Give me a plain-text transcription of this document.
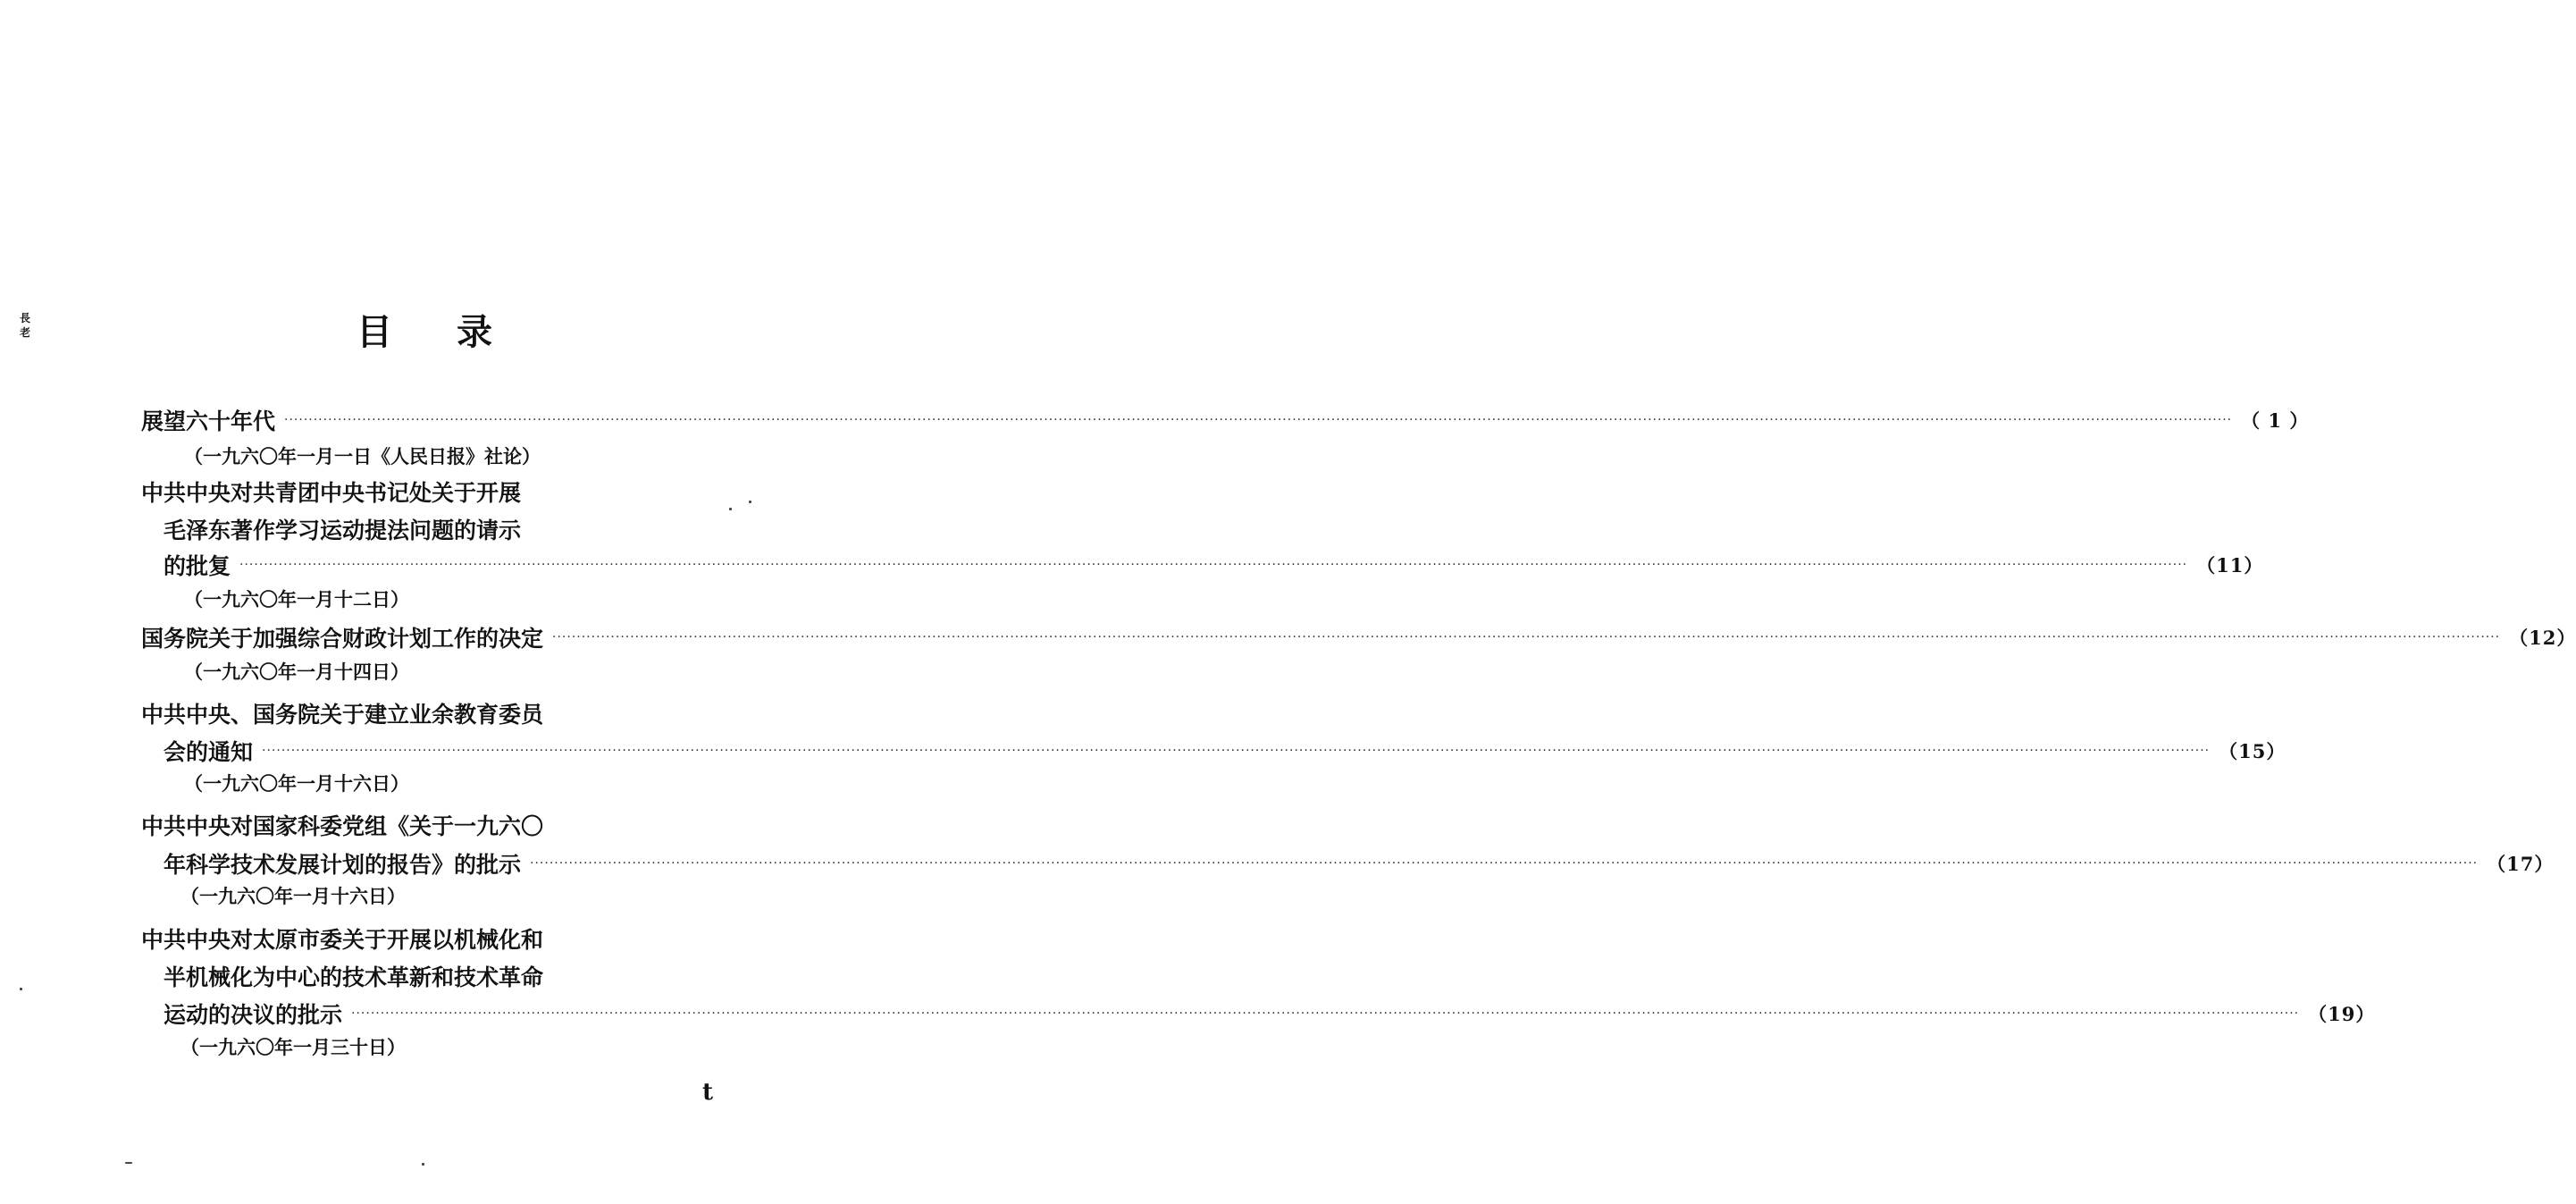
長
老	目 录
展望六十年代 ················································································································································································································································································································································································································ （ 1 ）
（一九六〇年一月一日《人民日报》社论）
中共中央对共青团中央书记处关于开展
毛泽东著作学习运动提法问题的请示
的批复 ················································································································································································································································································································································································································ （11）
（一九六〇年一月十二日）
国务院关于加强综合财政计划工作的决定 ················································································································································································································································································································································································································ （12）
（一九六〇年一月十四日）
中共中央、国务院关于建立业余教育委员
会的通知 ················································································································································································································································································································································································································ （15）
（一九六〇年一月十六日）
中共中央对国家科委党组《关于一九六〇
年科学技术发展计划的报告》的批示 ················································································································································································································································································································································································································ （17）
（一九六〇年一月十六日）
中共中央对太原市委关于开展以机械化和
半机械化为中心的技术革新和技术革命
运动的决议的批示 ················································································································································································································································································································································································································ （19）
（一九六〇年一月三十日）
t
